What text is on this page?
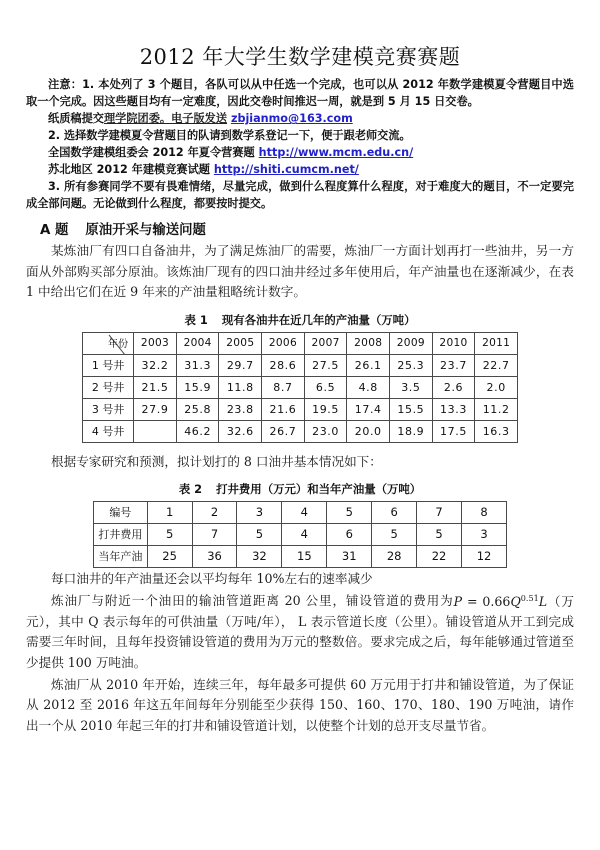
2012 年大学生数学建模竞赛赛题

注意：1. 本处列了 3 个题目，各队可以从中任选一个完成，也可以从 2012 年数学建模夏令营题目中选取一个完成。因这些题目均有一定难度，因此交卷时间推迟一周，就是到 5 月 15 日交卷。

纸质稿提交理学院团委。电子版发送 zbjianmo@163.com

2. 选择数学建模夏令营题目的队请到数学系登记一下，便于跟老师交流。

全国数学建模组委会 2012 年夏令营赛题 http://www.mcm.edu.cn/

苏北地区 2012 年建模竞赛试题 http://shiti.cumcm.net/

3. 所有参赛同学不要有畏难情绪，尽量完成，做到什么程度算什么程度，对于难度大的题目，不一定要完成全部问题。无论做到什么程度，都要按时提交。

A 题 原油开采与输送问题

某炼油厂有四口自备油井，为了满足炼油厂的需要，炼油厂一方面计划再打一些油井，另一方面从外部购买部分原油。该炼油厂现有的四口油井经过多年使用后，年产油量也在逐渐减少，在表 1 中给出它们在近 9 年来的产油量粗略统计数字。

表 1 现有各油井在近几年的产油量（万吨）
年份	2003	2004	2005	2006	2007	2008	2009	2010	2011
1 号井	32.2	31.3	29.7	28.6	27.5	26.1	25.3	23.7	22.7
2 号井	21.5	15.9	11.8	8.7	6.5	4.8	3.5	2.6	2.0
3 号井	27.9	25.8	23.8	21.6	19.5	17.4	15.5	13.3	11.2
4 号井		46.2	32.6	26.7	23.0	20.0	18.9	17.5	16.3

根据专家研究和预测，拟计划打的 8 口油井基本情况如下：

表 2 打井费用（万元）和当年产油量（万吨）
编号	1	2	3	4	5	6	7	8
打井费用	5	7	5	4	6	5	5	3
当年产油	25	36	32	15	31	28	22	12

每口油井的年产油量还会以平均每年 10%左右的速率减少

炼油厂与附近一个油田的输油管道距离 20 公里，铺设管道的费用为$P = 0.66Q^{0.51}L$（万元），其中 Q 表示每年的可供油量（万吨/年）， L 表示管道长度（公里）。铺设管道从开工到完成需要三年时间，且每年投资铺设管道的费用为万元的整数倍。要求完成之后，每年能够通过管道至少提供 100 万吨油。

炼油厂从 2010 年开始，连续三年，每年最多可提供 60 万元用于打井和铺设管道，为了保证从 2012 至 2016 年这五年间每年分别能至少获得 150、160、170、180、190 万吨油，请作出一个从 2010 年起三年的打井和铺设管道计划，以使整个计划的总开支尽量节省。
